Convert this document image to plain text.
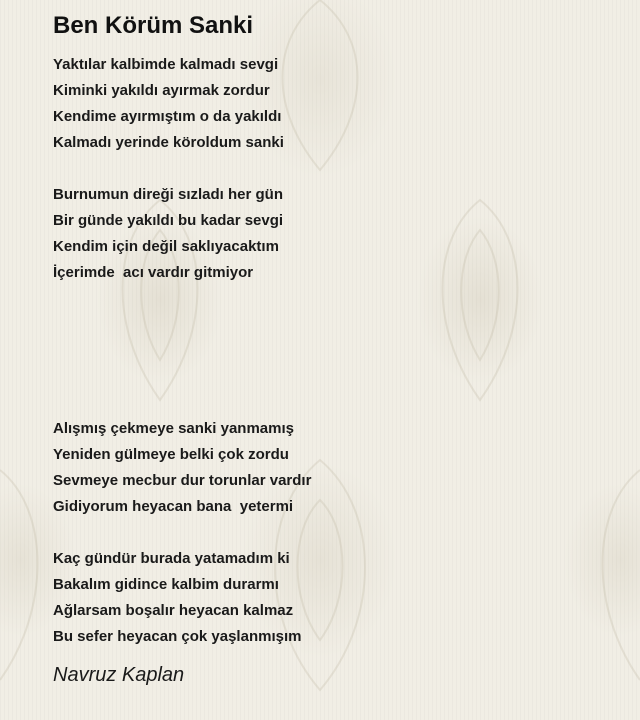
Ben Körüm Sanki
Yaktılar kalbimde kalmadı sevgi
Kiminki yakıldı ayırmak zordur
Kendime ayırmıştım o da yakıldı
Kalmadı yerinde köroldum sanki
Burnumun direği sızladı her gün
Bir günde yakıldı bu kadar sevgi
Kendim için değil saklıyacaktım
İçerimde  acı vardır gitmiyor
Alışmış çekmeye sanki yanmamış
Yeniden gülmeye belki çok zordu
Sevmeye mecbur dur torunlar vardır
Gidiyorum heyacan bana  yetermi
Kaç gündür burada yatamadım ki
Bakalım gidince kalbim durarmı
Ağlarsam boşalır heyacan kalmaz
Bu sefer heyacan çok yaşlanmışım
Navruz Kaplan
